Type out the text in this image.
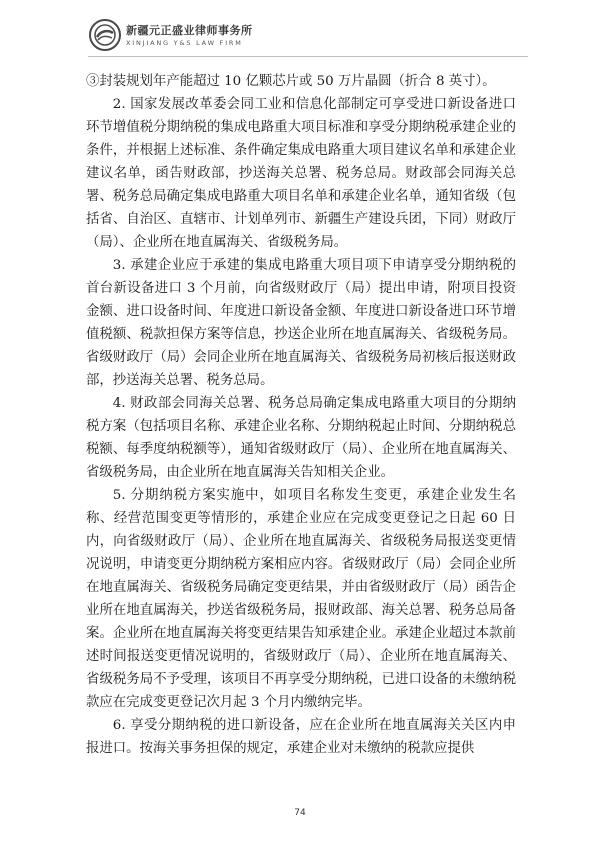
新疆元正盛业律师事务所
XINJIANG Y&S LAW FIRM

③封装规划年产能超过 10 亿颗芯片或 50 万片晶圆（折合 8 英寸）。

2. 国家发展改革委会同工业和信息化部制定可享受进口新设备进口环节增值税分期纳税的集成电路重大项目标准和享受分期纳税承建企业的条件，并根据上述标准、条件确定集成电路重大项目建议名单和承建企业建议名单，函告财政部，抄送海关总署、税务总局。财政部会同海关总署、税务总局确定集成电路重大项目名单和承建企业名单，通知省级（包括省、自治区、直辖市、计划单列市、新疆生产建设兵团，下同）财政厅（局）、企业所在地直属海关、省级税务局。

3. 承建企业应于承建的集成电路重大项目项下申请享受分期纳税的首台新设备进口 3 个月前，向省级财政厅（局）提出申请，附项目投资金额、进口设备时间、年度进口新设备金额、年度进口新设备进口环节增值税额、税款担保方案等信息，抄送企业所在地直属海关、省级税务局。省级财政厅（局）会同企业所在地直属海关、省级税务局初核后报送财政部，抄送海关总署、税务总局。

4. 财政部会同海关总署、税务总局确定集成电路重大项目的分期纳税方案（包括项目名称、承建企业名称、分期纳税起止时间、分期纳税总税额、每季度纳税额等），通知省级财政厅（局）、企业所在地直属海关、省级税务局，由企业所在地直属海关告知相关企业。

5. 分期纳税方案实施中，如项目名称发生变更，承建企业发生名称、经营范围变更等情形的，承建企业应在完成变更登记之日起 60 日内，向省级财政厅（局）、企业所在地直属海关、省级税务局报送变更情况说明，申请变更分期纳税方案相应内容。省级财政厅（局）会同企业所在地直属海关、省级税务局确定变更结果，并由省级财政厅（局）函告企业所在地直属海关，抄送省级税务局，报财政部、海关总署、税务总局备案。企业所在地直属海关将变更结果告知承建企业。承建企业超过本款前述时间报送变更情况说明的，省级财政厅（局）、企业所在地直属海关、省级税务局不予受理，该项目不再享受分期纳税，已进口设备的未缴纳税款应在完成变更登记次月起 3 个月内缴纳完毕。

6. 享受分期纳税的进口新设备，应在企业所在地直属海关关区内申报进口。按海关事务担保的规定，承建企业对未缴纳的税款应提供

74
